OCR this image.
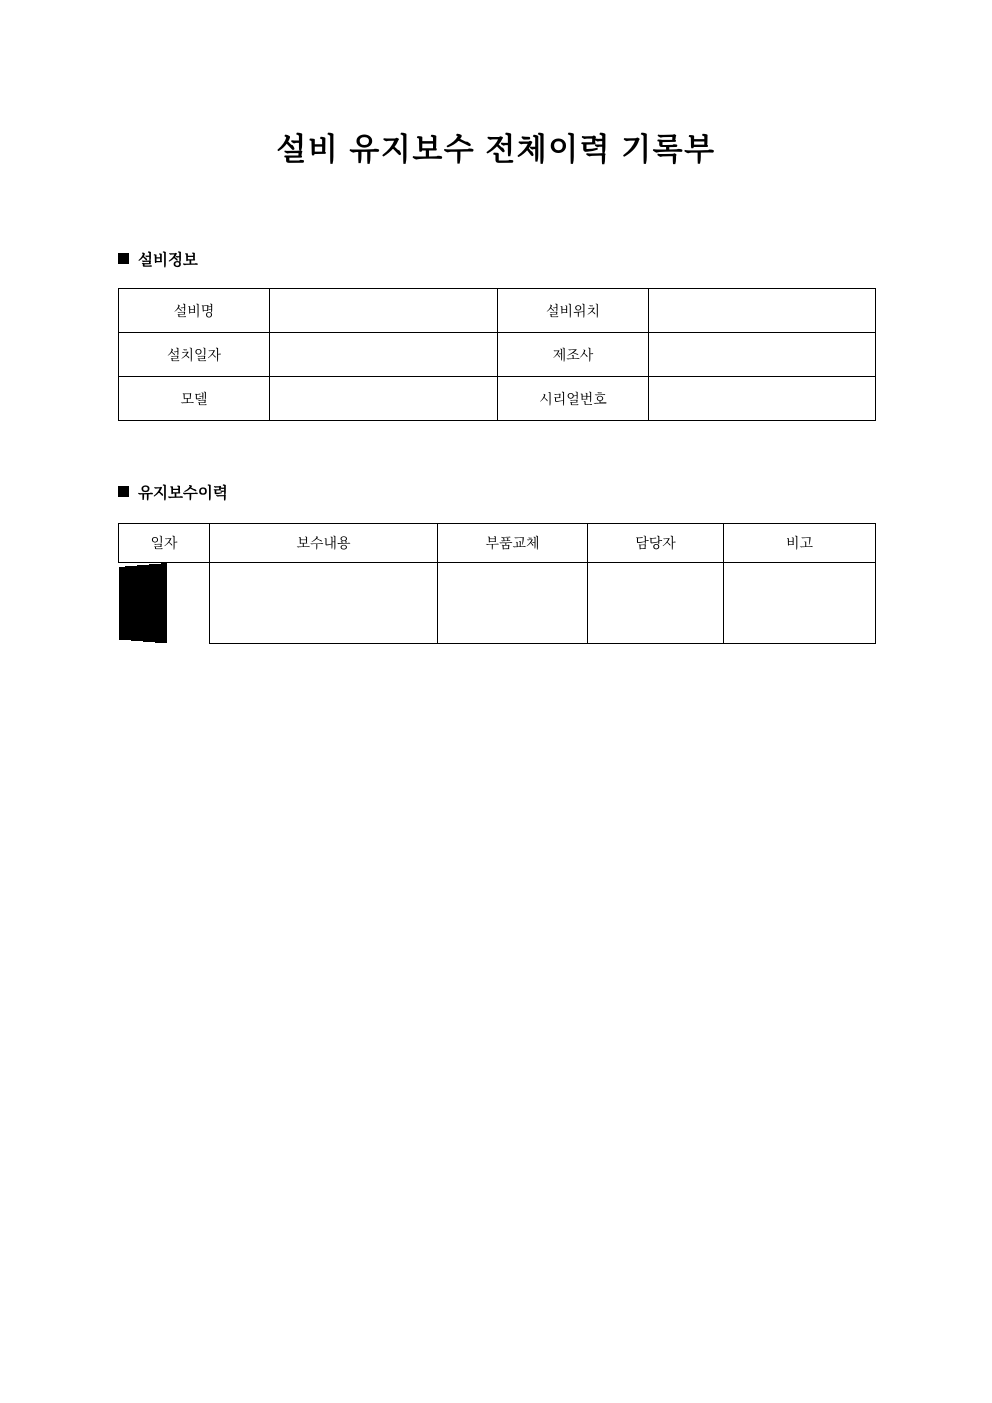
설비 유지보수 전체이력 기록부
설비정보
설비명		설비위치	
설치일자		제조사	
모델		시리얼번호	
유지보수이력
일자	보수내용	부품교체	담당자	비고
